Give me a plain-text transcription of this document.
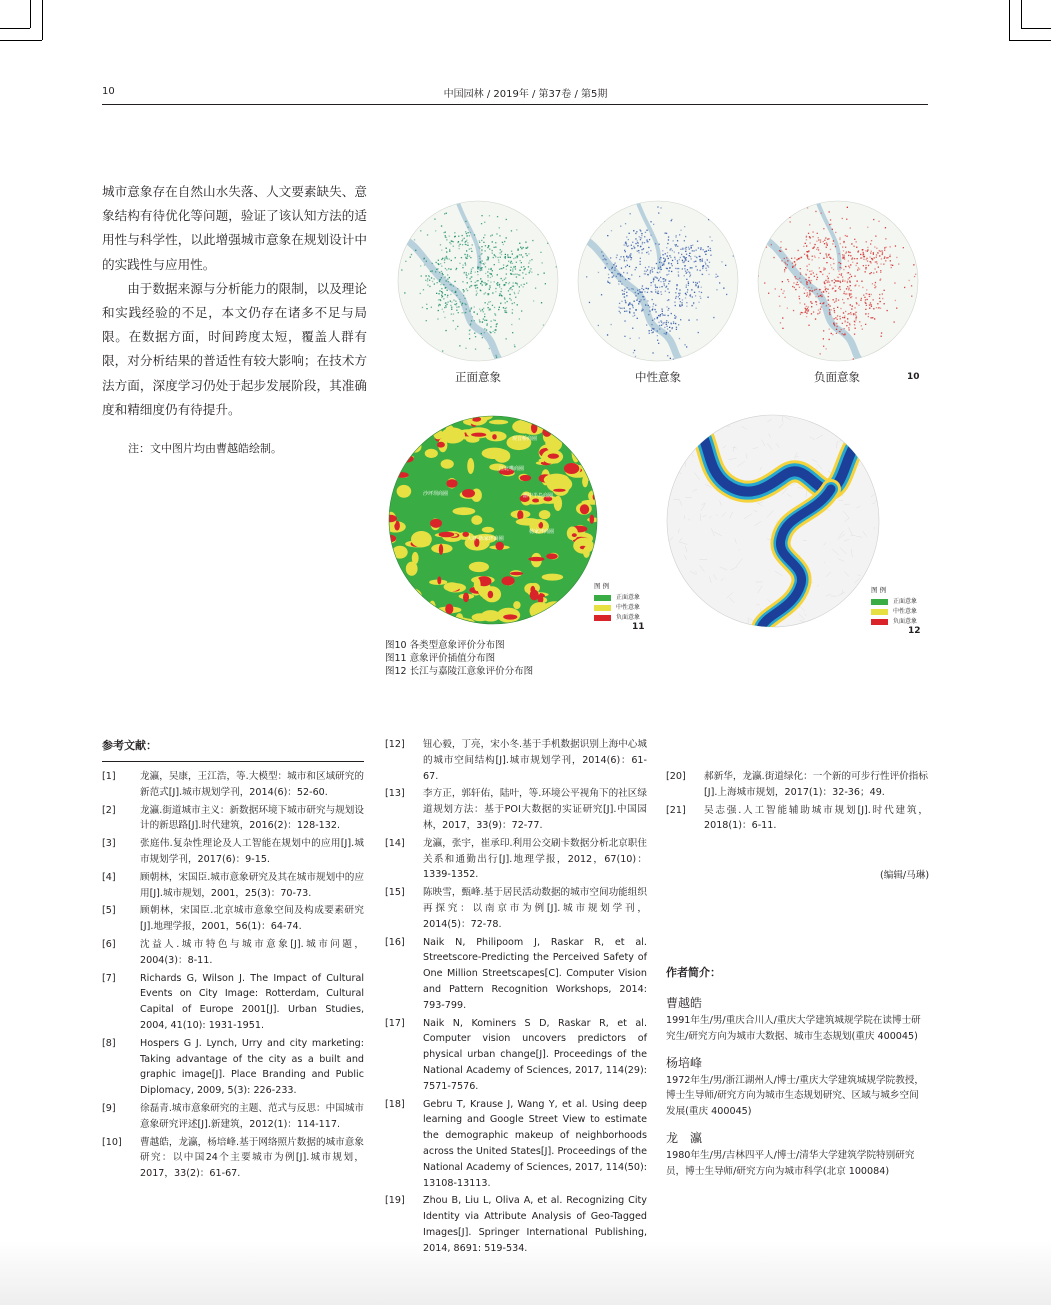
10	中国园林 / 2019年 / 第37卷 / 第5期

城市意象存在自然山水失落、人文要素缺失、意象结构有待优化等问题，验证了该认知方法的适用性与科学性，以此增强城市意象在规划设计中的实践性与应用性。

由于数据来源与分析能力的限制，以及理论和实践经验的不足，本文仍存在诸多不足与局限。在数据方面，时间跨度太短，覆盖人群有限，对分析结果的普适性有较大影响；在技术方法方面，深度学习仍处于起步发展阶段，其准确度和精细度仍有待提升。

注：文中图片均由曹越皓绘制。
正面意象	中性意象	负面意象	10
观音桥商圈
江北嘴商圈
渝中半岛商圈
杨家坪商圈
沙坪坝商圈
大坪-陈家坪商圈
图 例
正面意象
中性意象
负面意象
11
图 例
正面意象
中性意象
负面意象
12
图10 各类型意象评价分布图
图11 意象评价插值分布图
图12 长江与嘉陵江意象评价分布图
参考文献：
[1]	龙瀛，吴康，王江浩，等.大模型：城市和区域研究的新范式[J].城市规划学刊，2014(6)：52-60.
[2]	龙瀛.街道城市主义：新数据环境下城市研究与规划设计的新思路[J].时代建筑，2016(2)：128-132.
[3]	张庭伟.复杂性理论及人工智能在规划中的应用[J].城市规划学刊，2017(6)：9-15.
[4]	顾朝林，宋国臣.城市意象研究及其在城市规划中的应用[J].城市规划，2001，25(3)：70-73.
[5]	顾朝林，宋国臣.北京城市意象空间及构成要素研究[J].地理学报，2001，56(1)：64-74.
[6]	沈益人.城市特色与城市意象[J].城市问题，2004(3)：8-11.
[7]	Richards G, Wilson J. The Impact of Cultural Events on City Image: Rotterdam, Cultural Capital of Europe 2001[J]. Urban Studies, 2004, 41(10): 1931-1951.
[8]	Hospers G J. Lynch, Urry and city marketing: Taking advantage of the city as a built and graphic image[J]. Place Branding and Public Diplomacy, 2009, 5(3): 226-233.
[9]	徐磊青.城市意象研究的主题、范式与反思：中国城市意象研究评述[J].新建筑，2012(1)：114-117.
[10]	曹越皓，龙瀛，杨培峰.基于网络照片数据的城市意象研究：以中国24个主要城市为例[J].城市规划，2017，33(2)：61-67.
[12]	钮心毅，丁亮，宋小冬.基于手机数据识别上海中心城的城市空间结构[J].城市规划学刊，2014(6)：61-67.
[13]	李方正，郭轩佑，陆叶，等.环境公平视角下的社区绿道规划方法：基于POI大数据的实证研究[J].中国园林，2017，33(9)：72-77.
[14]	龙瀛，张宇，崔承印.利用公交刷卡数据分析北京职住关系和通勤出行[J].地理学报，2012，67(10)：1339-1352.
[15]	陈映雪，甄峰.基于居民活动数据的城市空间功能组织再探究：以南京市为例[J].城市规划学刊，2014(5)：72-78.
[16]	Naik N, Philipoom J, Raskar R, et al. Streetscore-Predicting the Perceived Safety of One Million Streetscapes[C]. Computer Vision and Pattern Recognition Workshops, 2014: 793-799.
[17]	Naik N, Kominers S D, Raskar R, et al. Computer vision uncovers predictors of physical urban change[J]. Proceedings of the National Academy of Sciences, 2017, 114(29): 7571-7576.
[18]	Gebru T, Krause J, Wang Y, et al. Using deep learning and Google Street View to estimate the demographic makeup of neighborhoods across the United States[J]. Proceedings of the National Academy of Sciences, 2017, 114(50): 13108-13113.
[19]	Zhou B, Liu L, Oliva A, et al. Recognizing City Identity via Attribute Analysis of Geo-Tagged Images[J]. Springer International Publishing, 2014, 8691: 519-534.
[20]	郝新华，龙瀛.街道绿化：一个新的可步行性评价指标[J].上海城市规划，2017(1)：32-36；49.
[21]	吴志强.人工智能辅助城市规划[J].时代建筑，2018(1)：6-11.
(编辑/马琳)
作者简介：
曹越皓
1991年生/男/重庆合川人/重庆大学建筑城规学院在读博士研究生/研究方向为城市大数据、城市生态规划(重庆 400045)
杨培峰
1972年生/男/浙江湖州人/博士/重庆大学建筑城规学院教授，博士生导师/研究方向为城市生态规划研究、区域与城乡空间发展(重庆 400045)
龙　瀛
1980年生/男/吉林四平人/博士/清华大学建筑学院特别研究员，博士生导师/研究方向为城市科学(北京 100084)
